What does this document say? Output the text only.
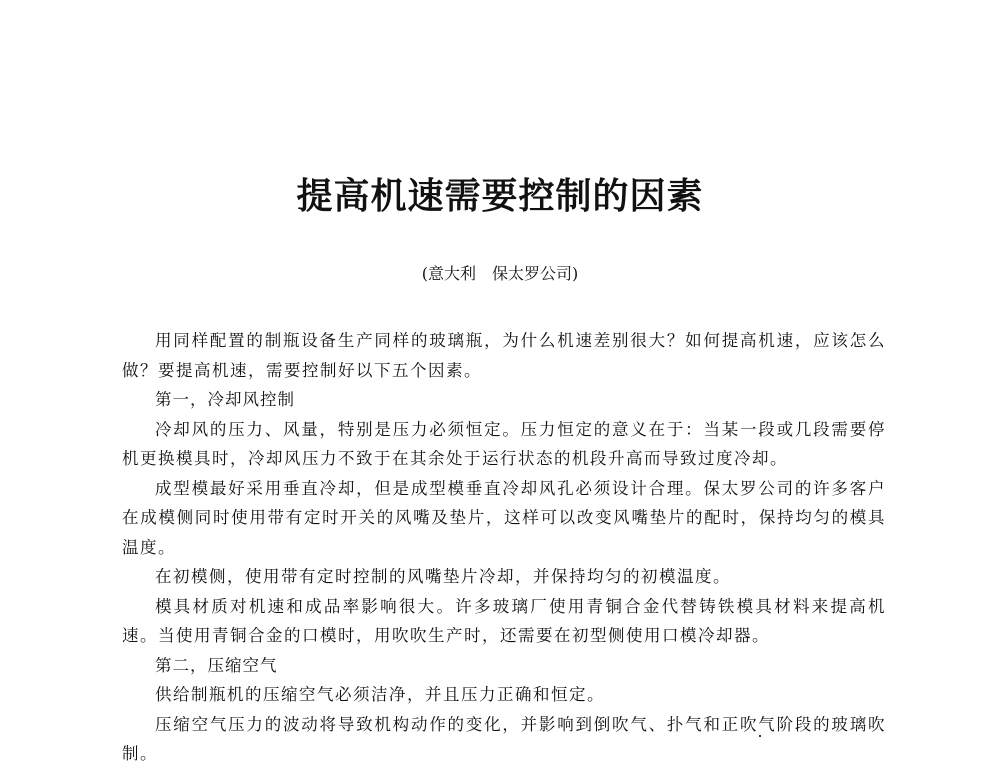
提高机速需要控制的因素
(意大利　保太罗公司)

用同样配置的制瓶设备生产同样的玻璃瓶，为什么机速差别很大？如何提高机速，应该怎么做？要提高机速，需要控制好以下五个因素。

第一，冷却风控制

冷却风的压力、风量，特别是压力必须恒定。压力恒定的意义在于：当某一段或几段需要停机更换模具时，冷却风压力不致于在其余处于运行状态的机段升高而导致过度冷却。

成型模最好采用垂直冷却，但是成型模垂直冷却风孔必须设计合理。保太罗公司的许多客户在成模侧同时使用带有定时开关的风嘴及垫片，这样可以改变风嘴垫片的配时，保持均匀的模具温度。

在初模侧，使用带有定时控制的风嘴垫片冷却，并保持均匀的初模温度。

模具材质对机速和成品率影响很大。许多玻璃厂使用青铜合金代替铸铁模具材料来提高机速。当使用青铜合金的口模时，用吹吹生产时，还需要在初型侧使用口模冷却器。

第二，压缩空气

供给制瓶机的压缩空气必须洁净，并且压力正确和恒定。

压缩空气压力的波动将导致机构动作的变化，并影响到倒吹气、扑气和正吹气阶段的玻璃吹制。
